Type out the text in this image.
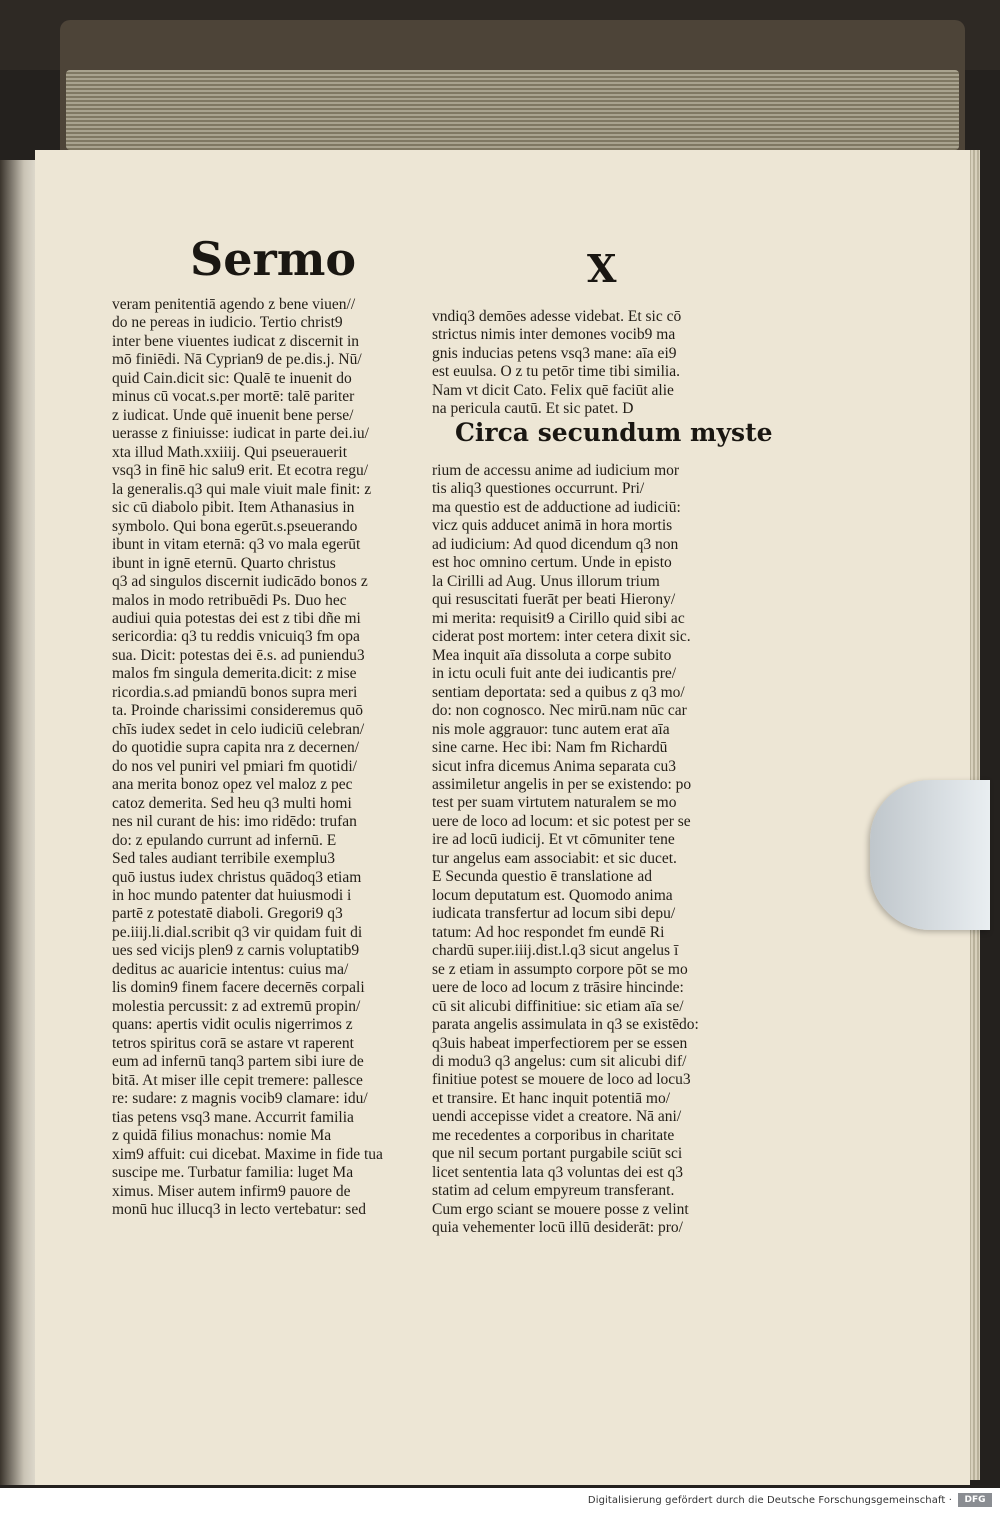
Sermo	X
veram penitentiā agendo z bene viuen//
do ne pereas in iudicio. Tertio christ9
inter bene viuentes iudicat z discernit in
mō finiēdi. Nā Cyprian9 de pe.dis.j. Nū/
quid Cain.dicit sic: Qualē te inuenit do
minus cū vocat.s.per mortē: talē pariter
z iudicat. Unde quē inuenit bene perse/
uerasse z finiuisse: iudicat in parte dei.iu/
xta illud Math.xxiiij. Qui pseuerauerit
vsq3 in finē hic salu9 erit. Et ecotra regu/
la generalis.q3 qui male viuit male finit: z
sic cū diabolo pibit. Item Athanasius in
symbolo. Qui bona egerūt.s.pseuerando
ibunt in vitam eternā: q3 vo mala egerūt
ibunt in ignē eternū. Quarto christus
q3 ad singulos discernit iudicādo bonos z
malos in modo retribuēdi Ps. Duo hec
audiui quia potestas dei est z tibi dñe mi
sericordia: q3 tu reddis vnicuiq3 fm opa
sua. Dicit: potestas dei ē.s. ad puniendu3
malos fm singula demerita.dicit: z mise
ricordia.s.ad pmiandū bonos supra meri
ta. Proinde charissimi consideremus quō
chīs iudex sedet in celo iudiciū celebran/
do quotidie supra capita nra z decernen/
do nos vel puniri vel pmiari fm quotidi/
ana merita bonoz opez vel maloz z pec
catoz demerita. Sed heu q3 multi homi
nes nil curant de his: imo ridēdo: trufan
do: z epulando currunt ad infernū. E
Sed tales audiant terribile exemplu3
quō iustus iudex christus quādoq3 etiam
in hoc mundo patenter dat huiusmodi i
partē z potestatē diaboli. Gregori9 q3
pe.iiij.li.dial.scribit q3 vir quidam fuit di
ues sed vicijs plen9 z carnis voluptatib9
deditus ac auaricie intentus: cuius ma/
lis domin9 finem facere decernēs corpali
molestia percussit: z ad extremū propin/
quans: apertis vidit oculis nigerrimos z
tetros spiritus corā se astare vt raperent
eum ad infernū tanq3 partem sibi iure de
bitā. At miser ille cepit tremere: pallesce
re: sudare: z magnis vocib9 clamare: idu/
tias petens vsq3 mane. Accurrit familia
z quidā filius monachus: nomie Ma
xim9 affuit: cui dicebat. Maxime in fide tua
suscipe me. Turbatur familia: luget Ma
ximus. Miser autem infirm9 pauore de
monū huc illucq3 in lecto vertebatur: sed
vndiq3 demōes adesse videbat. Et sic cō
strictus nimis inter demones vocib9 ma
gnis inducias petens vsq3 mane: aīa ei9
est euulsa. O z tu petōr time tibi similia.
Nam vt dicit Cato. Felix quē faciūt alie
na pericula cautū. Et sic patet. D
Circa secundum myste
rium de accessu anime ad iudicium mor
tis aliq3 questiones occurrunt. Pri/
ma questio est de adductione ad iudiciū:
vicz quis adducet animā in hora mortis
ad iudicium: Ad quod dicendum q3 non
est hoc omnino certum. Unde in episto
la Cirilli ad Aug. Unus illorum trium
qui resuscitati fuerāt per beati Hierony/
mi merita: requisit9 a Cirillo quid sibi ac
ciderat post mortem: inter cetera dixit sic.
Mea inquit aīa dissoluta a corpe subito
in ictu oculi fuit ante dei iudicantis pre/
sentiam deportata: sed a quibus z q3 mo/
do: non cognosco. Nec mirū.nam nūc car
nis mole aggrauor: tunc autem erat aīa
sine carne. Hec ibi: Nam fm Richardū
sicut infra dicemus Anima separata cu3
assimiletur angelis in per se existendo: po
test per suam virtutem naturalem se mo
uere de loco ad locum: et sic potest per se
ire ad locū iudicij. Et vt cōmuniter tene
tur angelus eam associabit: et sic ducet.
E Secunda questio ē translatione ad
locum deputatum est. Quomodo anima
iudicata transfertur ad locum sibi depu/
tatum: Ad hoc respondet fm eundē Ri
chardū super.iiij.dist.l.q3 sicut angelus ī
se z etiam in assumpto corpore pōt se mo
uere de loco ad locum z trāsire hincinde:
cū sit alicubi diffinitiue: sic etiam aīa se/
parata angelis assimulata in q3 se existēdo:
q3uis habeat imperfectiorem per se essen
di modu3 q3 angelus: cum sit alicubi dif/
finitiue potest se mouere de loco ad locu3
et transire. Et hanc inquit potentiā mo/
uendi accepisse videt a creatore. Nā ani/
me recedentes a corporibus in charitate
que nil secum portant purgabile sciūt sci
licet sententia lata q3 voluntas dei est q3
statim ad celum empyreum transferant.
Cum ergo sciant se mouere posse z velint
quia vehementer locū illū desiderāt: pro/
Digitalisierung gefördert durch die Deutsche Forschungsgemeinschaft ·	DFG
